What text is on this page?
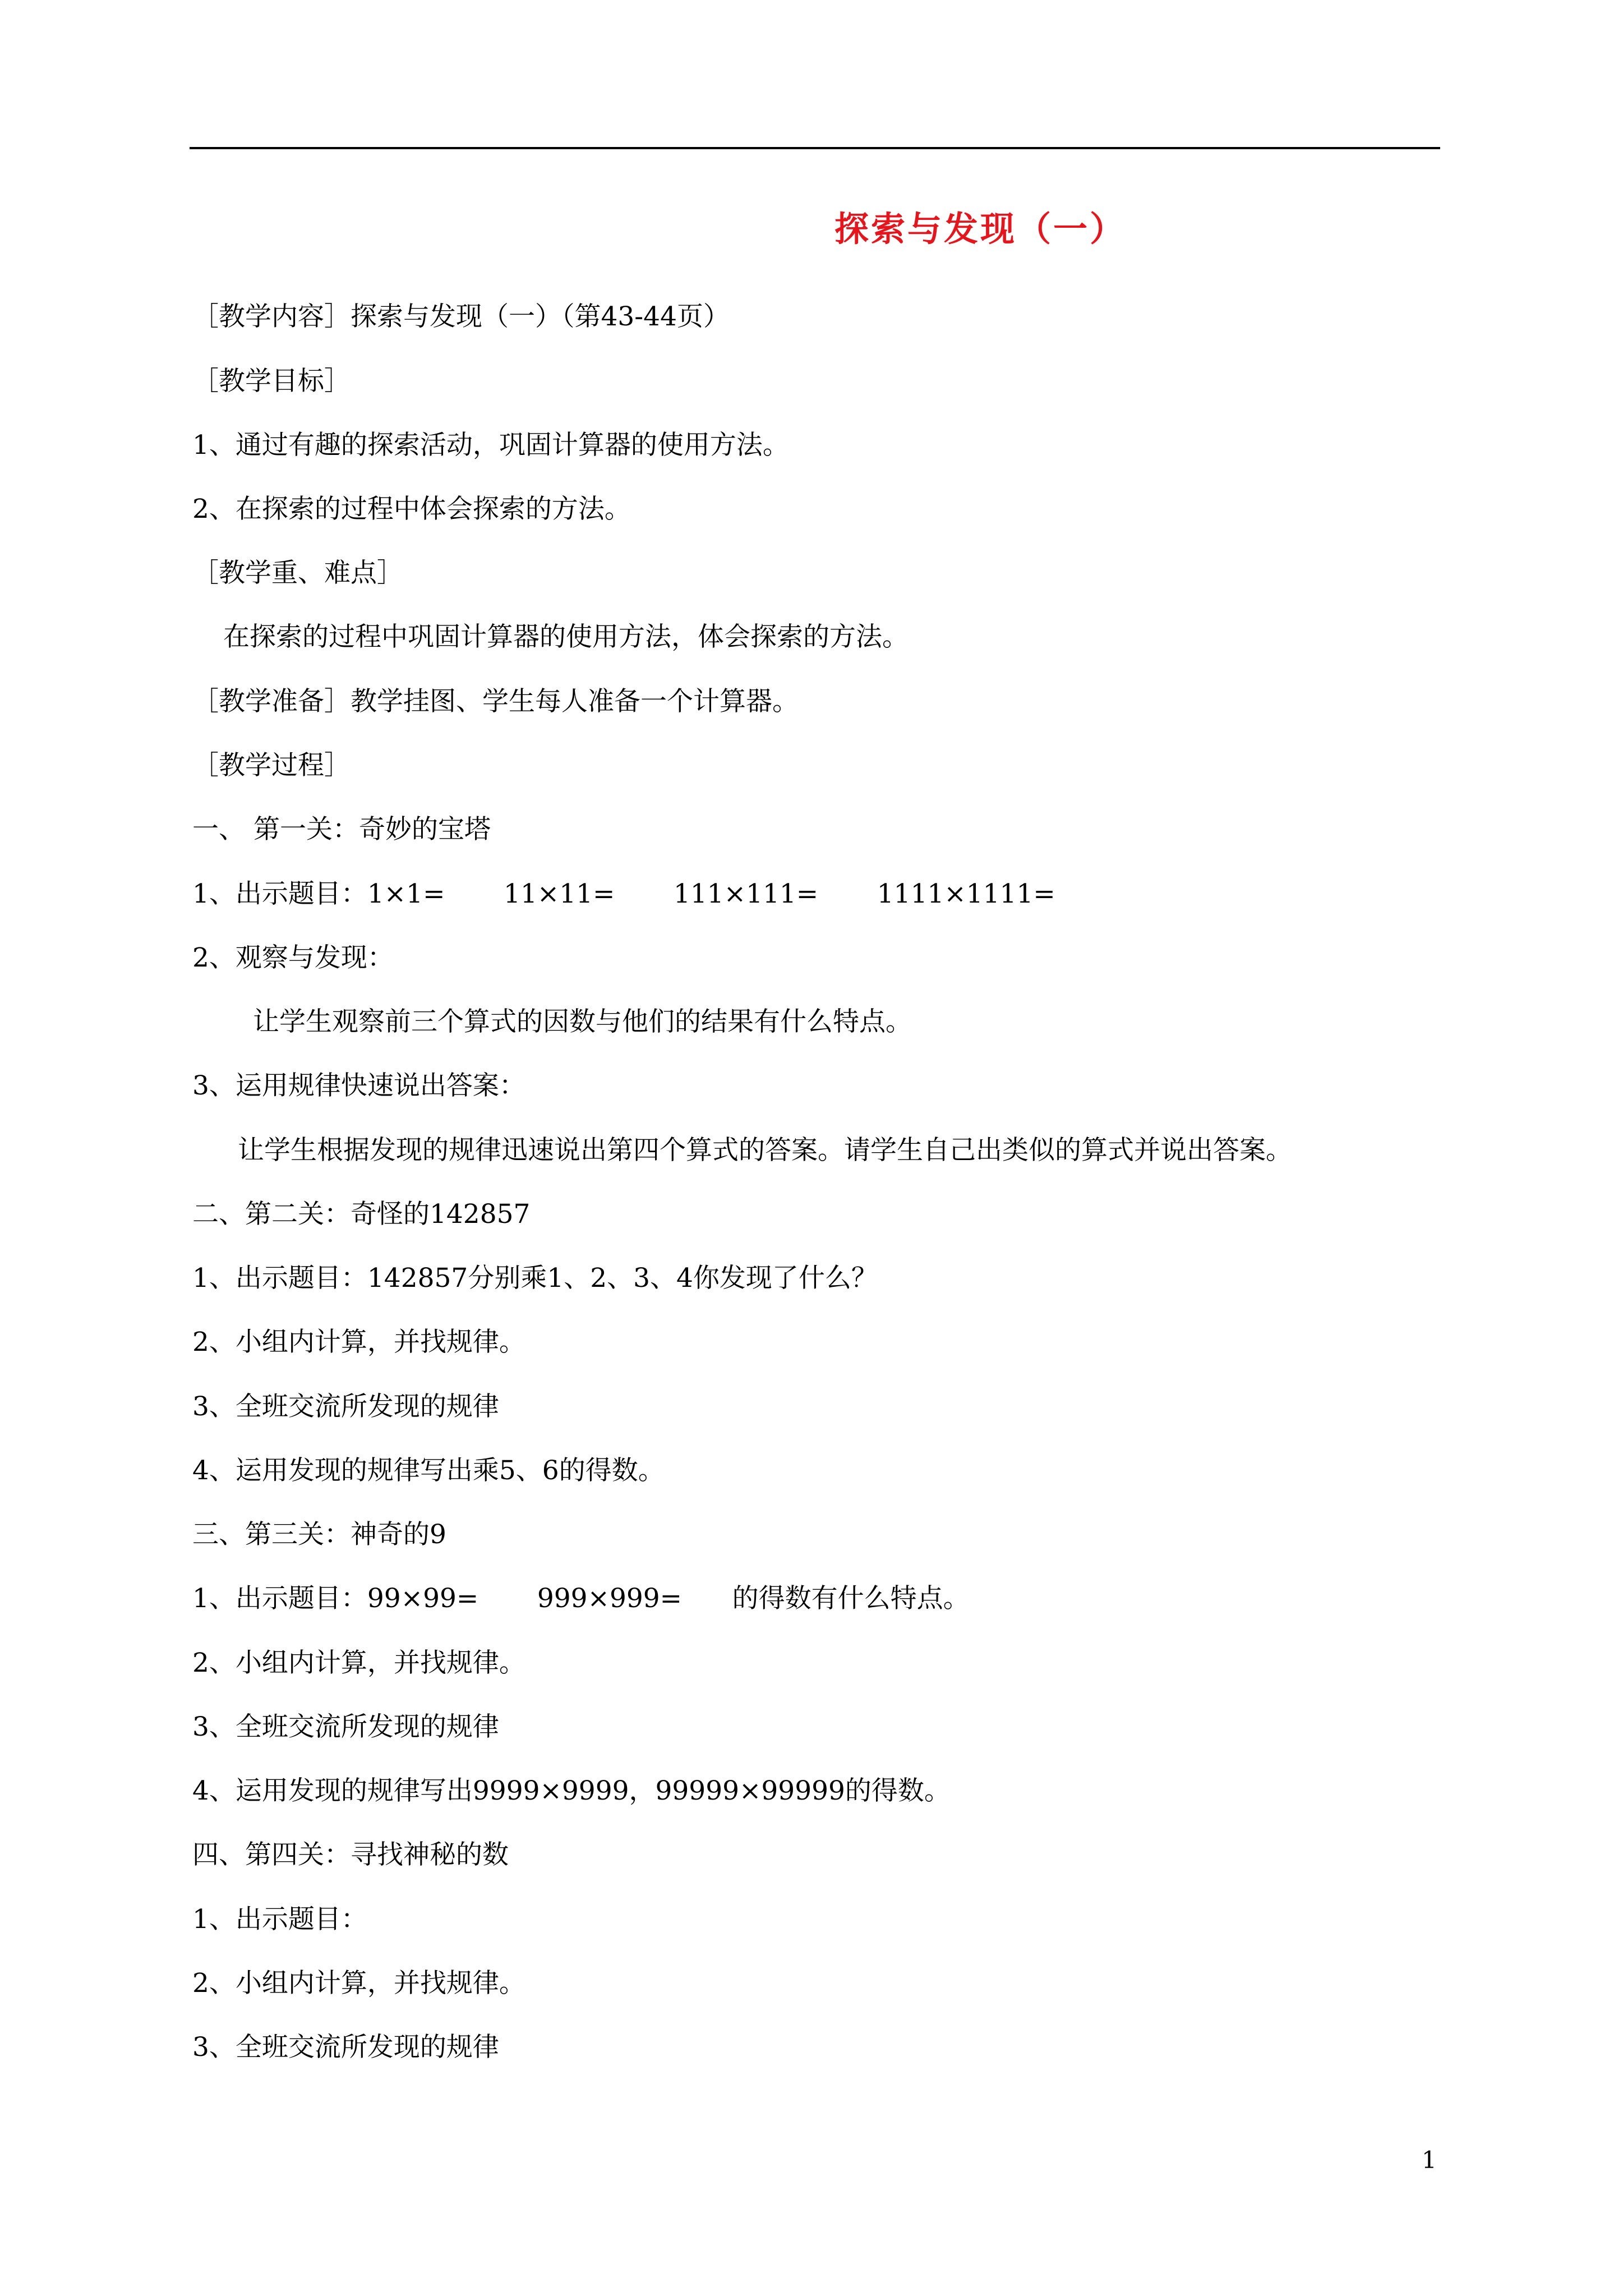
探索与发现（一）
［教学内容］探索与发现（一）（第43-44页）
［教学目标］
1、通过有趣的探索活动，巩固计算器的使用方法。
2、在探索的过程中体会探索的方法。
［教学重、难点］
在探索的过程中巩固计算器的使用方法，体会探索的方法。
［教学准备］教学挂图、学生每人准备一个计算器。
［教学过程］
一、 第一关：奇妙的宝塔
1、出示题目：1×1=       11×11=       111×111=       1111×1111=
2、观察与发现：
让学生观察前三个算式的因数与他们的结果有什么特点。
3、运用规律快速说出答案：
让学生根据发现的规律迅速说出第四个算式的答案。请学生自己出类似的算式并说出答案。
二、第二关：奇怪的142857
1、出示题目：142857分别乘1、2、3、4你发现了什么？
2、小组内计算，并找规律。
3、全班交流所发现的规律
4、运用发现的规律写出乘5、6的得数。
三、第三关：神奇的9
1、出示题目：99×99=       999×999=      的得数有什么特点。
2、小组内计算，并找规律。
3、全班交流所发现的规律
4、运用发现的规律写出9999×9999，99999×99999的得数。
四、第四关：寻找神秘的数
1、出示题目：
2、小组内计算，并找规律。
3、全班交流所发现的规律
1
